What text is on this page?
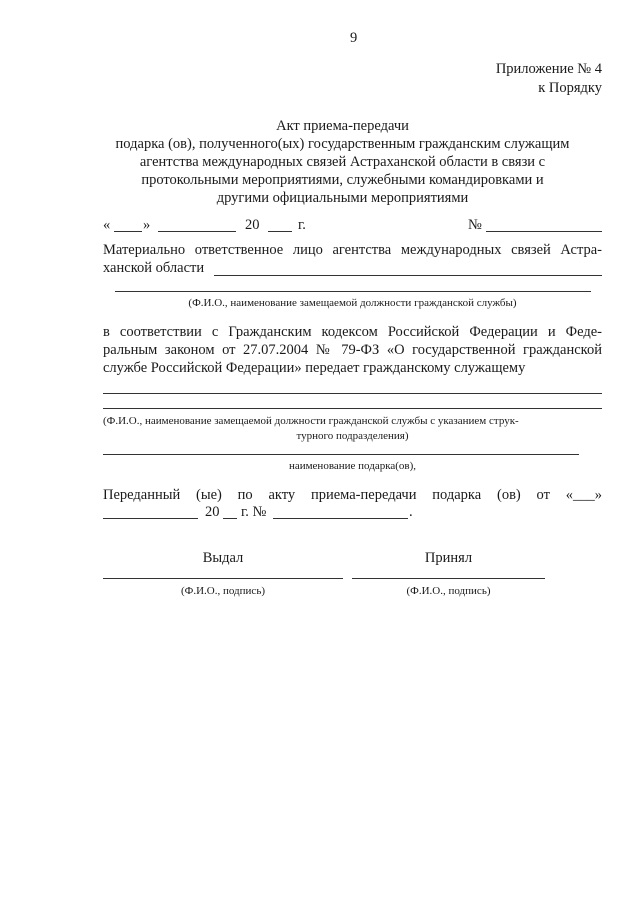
9
Приложение № 4
к Порядку
Акт приема-передачи
подарка (ов), полученного(ых) государственным гражданским служащим
агентства международных связей Астраханской области в связи с
протокольными мероприятиями, служебными командировками и
другими официальными мероприятиями
« »	20	г.	№
Материально ответственное лицо агентства международных связей Астра-
ханской области
(Ф.И.О., наименование замещаемой должности гражданской службы)
в соответствии с Гражданским кодексом Российской Федерации и Феде-
ральным законом от 27.07.2004 № 79-ФЗ «О государственной гражданской
службе Российской Федерации» передает гражданскому служащему
(Ф.И.О., наименование замещаемой должности гражданской службы с указанием струк-
турного подразделения)
наименование подарка(ов),
Переданный (ые) по акту приема-передачи подарка (ов) от «___»
20 г. №	.
Выдал	Принял
(Ф.И.О., подпись)	(Ф.И.О., подпись)
